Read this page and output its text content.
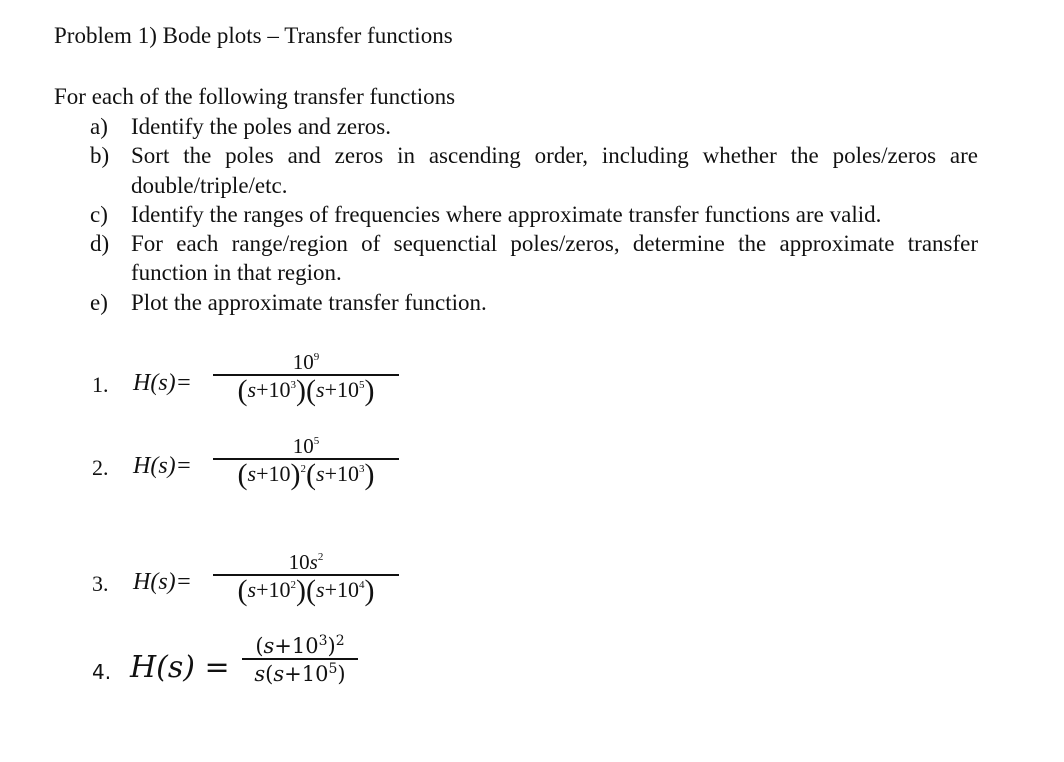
Problem 1) Bode plots – Transfer functions
For each of the following transfer functions
a)	Identify the poles and zeros.
b) Sort the poles and zeros in ascending order, including whether the poles/zeros are double/triple/etc.
c)	Identify the ranges of frequencies where approximate transfer functions are valid.
d) For each range/region of sequenctial poles/zeros, determine the approximate transfer function in that region.
e)	Plot the approximate transfer function.
1. H(s)=
$10^9$
$(s+10^3)(s+10^5)$
2. H(s)=
$10^5$
$(s+10)^2(s+10^3)$
3. H(s)=
$10s^2$
$(s+10^2)(s+10^4)$
4. H(s) =
$(s+10^3)^2$
$s(s+10^5)$
